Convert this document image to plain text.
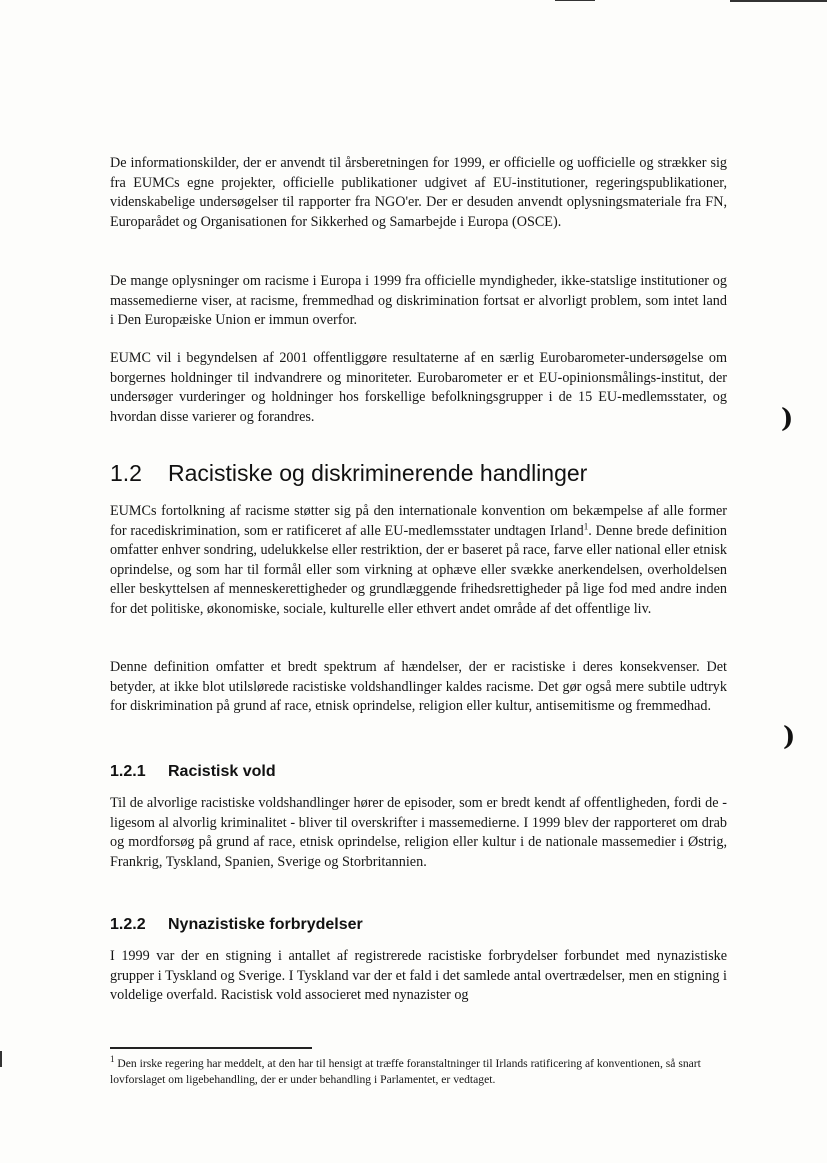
De informationskilder, der er anvendt til årsberetningen for 1999, er officielle og uofficielle og strækker sig fra EUMCs egne projekter, officielle publikationer udgivet af EU-institutioner, regeringspublikationer, videnskabelige undersøgelser til rapporter fra NGO'er. Der er desuden anvendt oplysningsmateriale fra FN, Europarådet og Organisationen for Sikkerhed og Samarbejde i Europa (OSCE).

De mange oplysninger om racisme i Europa i 1999 fra officielle myndigheder, ikke-statslige institutioner og massemedierne viser, at racisme, fremmedhad og diskrimination fortsat er alvorligt problem, som intet land i Den Europæiske Union er immun overfor.

EUMC vil i begyndelsen af 2001 offentliggøre resultaterne af en særlig Eurobarometer-undersøgelse om borgernes holdninger til indvandrere og minoriteter. Eurobarometer er et EU-opinionsmålings-institut, der undersøger vurderinger og holdninger hos forskellige befolkningsgrupper i de 15 EU-medlemsstater, og hvordan disse varierer og forandres.

1.2 Racistiske og diskriminerende handlinger

EUMCs fortolkning af racisme støtter sig på den internationale konvention om bekæmpelse af alle former for racediskrimination, som er ratificeret af alle EU-medlemsstater undtagen Irland$^1$. Denne brede definition omfatter enhver sondring, udelukkelse eller restriktion, der er baseret på race, farve eller national eller etnisk oprindelse, og som har til formål eller som virkning at ophæve eller svække anerkendelsen, overholdelsen eller beskyttelsen af menneskerettigheder og grundlæggende frihedsrettigheder på lige fod med andre inden for det politiske, økonomiske, sociale, kulturelle eller ethvert andet område af det offentlige liv.

Denne definition omfatter et bredt spektrum af hændelser, der er racistiske i deres konsekvenser. Det betyder, at ikke blot utilslørede racistiske voldshandlinger kaldes racisme. Det gør også mere subtile udtryk for diskrimination på grund af race, etnisk oprindelse, religion eller kultur, antisemitisme og fremmedhad.

1.2.1 Racistisk vold

Til de alvorlige racistiske voldshandlinger hører de episoder, som er bredt kendt af offentligheden, fordi de - ligesom al alvorlig kriminalitet - bliver til overskrifter i massemedierne. I 1999 blev der rapporteret om drab og mordforsøg på grund af race, etnisk oprindelse, religion eller kultur i de nationale massemedier i Østrig, Frankrig, Tyskland, Spanien, Sverige og Storbritannien.

1.2.2 Nynazistiske forbrydelser

I 1999 var der en stigning i antallet af registrerede racistiske forbrydelser forbundet med nynazistiske grupper i Tyskland og Sverige. I Tyskland var der et fald i det samlede antal overtrædelser, men en stigning i voldelige overfald. Racistisk vold associeret med nynazister og

$^1$ Den irske regering har meddelt, at den har til hensigt at træffe foranstaltninger til Irlands ratificering af konventionen, så snart lovforslaget om ligebehandling, der er under behandling i Parlamentet, er vedtaget.

)
)
